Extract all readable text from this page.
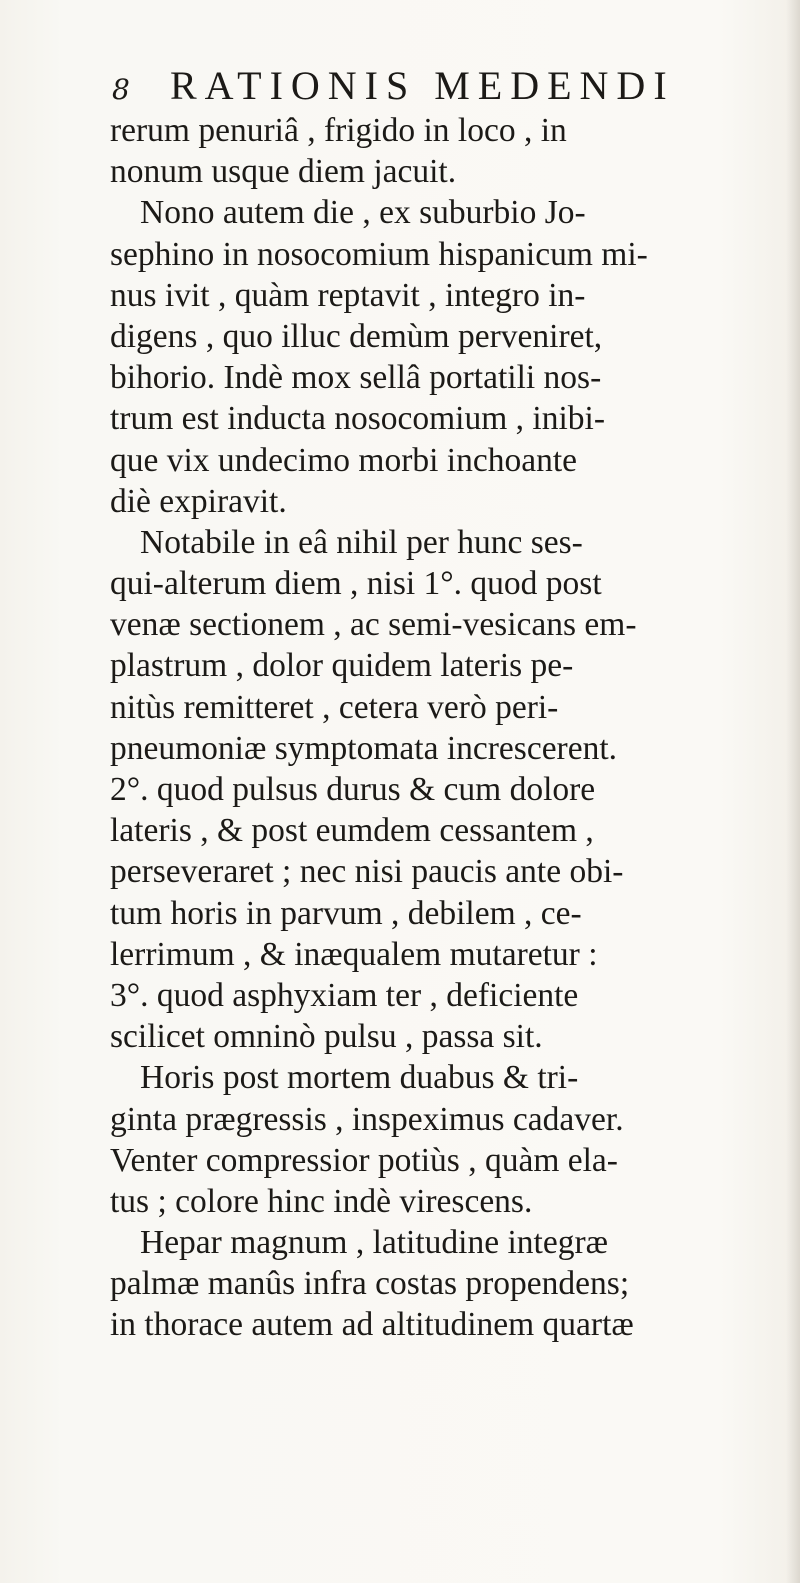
8	RATIONIS MEDENDI
rerum penuriâ , frigido in loco , in
nonum usque diem jacuit.
Nono autem die , ex suburbio Jo-
sephino in nosocomium hispanicum mi-
nus ivit , quàm reptavit , integro in-
digens , quo illuc demùm perveniret,
bihorio. Indè mox sellâ portatili nos-
trum est inducta nosocomium , inibi-
que vix undecimo morbi inchoante
diè expiravit.
Notabile in eâ nihil per hunc ses-
qui-alterum diem , nisi 1°. quod post
venæ sectionem , ac semi-vesicans em-
plastrum , dolor quidem lateris pe-
nitùs remitteret , cetera verò peri-
pneumoniæ symptomata increscerent.
2°. quod pulsus durus & cum dolore
lateris , & post eumdem cessantem ,
perseveraret ; nec nisi paucis ante obi-
tum horis in parvum , debilem , ce-
lerrimum , & inæqualem mutaretur :
3°. quod asphyxiam ter , deficiente
scilicet omninò pulsu , passa sit.
Horis post mortem duabus & tri-
ginta prægressis , inspeximus cadaver.
Venter compressior potiùs , quàm ela-
tus ; colore hinc indè virescens.
Hepar magnum , latitudine integræ
palmæ manûs infra costas propendens;
in thorace autem ad altitudinem quartæ
